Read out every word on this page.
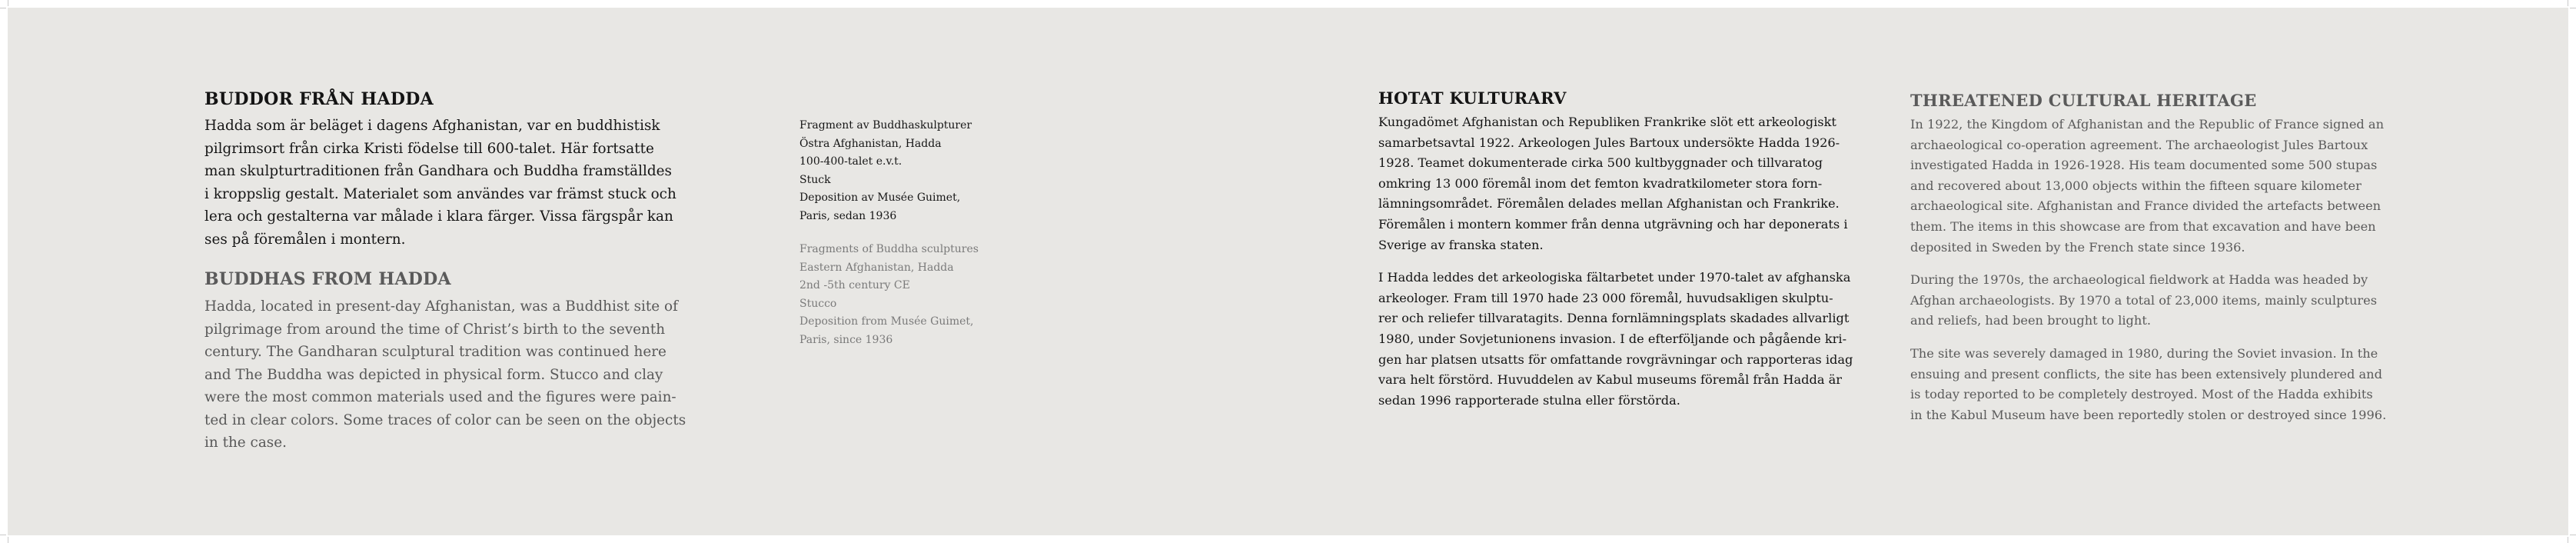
BUDDOR FRÅN HADDA

Hadda som är beläget i dagens Afghanistan, var en buddhistisk

pilgrimsort från cirka Kristi födelse till 600-talet. Här fortsatte

man skulpturtraditionen från Gandhara och Buddha framställdes

i kroppslig gestalt. Materialet som användes var främst stuck och

lera och gestalterna var målade i klara färger. Vissa färgspår kan

ses på föremålen i montern.

BUDDHAS FROM HADDA

Hadda, located in present-day Afghanistan, was a Buddhist site of

pilgrimage from around the time of Christ’s birth to the seventh

century. The Gandharan sculptural tradition was continued here

and The Buddha was depicted in physical form. Stucco and clay

were the most common materials used and the figures were pain-

ted in clear colors. Some traces of color can be seen on the objects

in the case.

Fragment av Buddhaskulpturer

Östra Afghanistan, Hadda

100-400-talet e.v.t.

Stuck

Deposition av Musée Guimet,

Paris, sedan 1936

Fragments of Buddha sculptures

Eastern Afghanistan, Hadda

2nd -5th century CE

Stucco

Deposition from Musée Guimet,

Paris, since 1936

HOTAT KULTURARV

Kungadömet Afghanistan och Republiken Frankrike slöt ett arkeologiskt

samarbetsavtal 1922. Arkeologen Jules Bartoux undersökte Hadda 1926-

1928. Teamet dokumenterade cirka 500 kultbyggnader och tillvaratog

omkring 13 000 föremål inom det femton kvadratkilometer stora forn-

lämningsområdet. Föremålen delades mellan Afghanistan och Frankrike.

Föremålen i montern kommer från denna utgrävning och har deponerats i

Sverige av franska staten.

I Hadda leddes det arkeologiska fältarbetet under 1970-talet av afghanska

arkeologer. Fram till 1970 hade 23 000 föremål, huvudsakligen skulptu-

rer och reliefer tillvaratagits. Denna fornlämningsplats skadades allvarligt

1980, under Sovjetunionens invasion. I de efterföljande och pågående kri-

gen har platsen utsatts för omfattande rovgrävningar och rapporteras idag

vara helt förstörd. Huvuddelen av Kabul museums föremål från Hadda är

sedan 1996 rapporterade stulna eller förstörda.

THREATENED CULTURAL HERITAGE

In 1922, the Kingdom of Afghanistan and the Republic of France signed an

archaeological co-operation agreement. The archaeologist Jules Bartoux

investigated Hadda in 1926-1928. His team documented some 500 stupas

and recovered about 13,000 objects within the fifteen square kilometer

archaeological site. Afghanistan and France divided the artefacts between

them. The items in this showcase are from that excavation and have been

deposited in Sweden by the French state since 1936.

During the 1970s, the archaeological fieldwork at Hadda was headed by

Afghan archaeologists. By 1970 a total of 23,000 items, mainly sculptures

and reliefs, had been brought to light.

The site was severely damaged in 1980, during the Soviet invasion. In the

ensuing and present conflicts, the site has been extensively plundered and

is today reported to be completely destroyed. Most of the Hadda exhibits

in the Kabul Museum have been reportedly stolen or destroyed since 1996.
